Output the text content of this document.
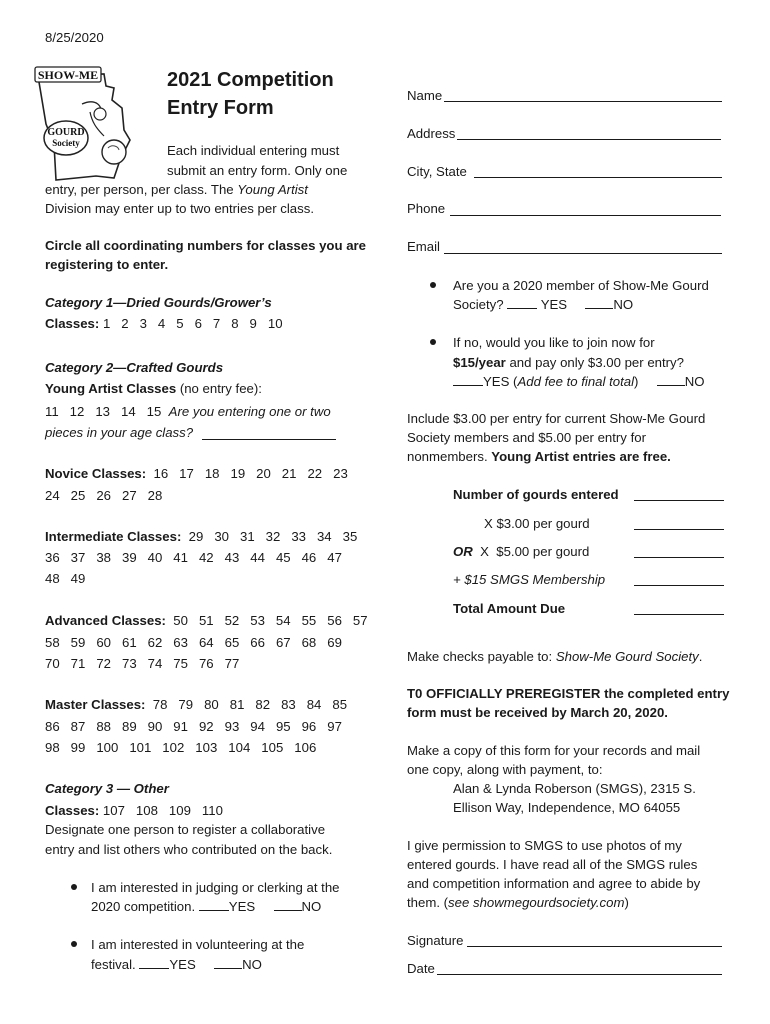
8/25/2020
SHOW-ME
GOURD
Society
2021 Competition
Entry Form
Each individual entering must
submit an entry form. Only one
entry, per person, per class. The Young Artist
Division may enter up to two entries per class.
Circle all coordinating numbers for classes you are
registering to enter.
Category 1—Dried Gourds/Grower’s
Classes: 1   2   3   4   5   6   7   8   9   10
Category 2—Crafted Gourds
Young Artist Classes (no entry fee):
11   12   13   14   15  Are you entering one or two
pieces in your age class?
Novice Classes: 16   17   18   19   20   21   22   23
24   25   26   27   28
Intermediate Classes: 29   30   31   32   33   34   35
36   37   38   39   40   41   42   43   44   45   46   47
48   49
Advanced Classes: 50   51   52   53   54   55   56   57
58   59   60   61   62   63   64   65   66   67   68   69
70   71   72   73   74   75   76   77
Master Classes: 78   79   80   81   82   83   84   85
86   87   88   89   90   91   92   93   94   95   96   97
98   99   100   101   102   103   104   105   106
Category 3 — Other
Classes: 107   108   109   110
Designate one person to register a collaborative
entry and list others who contributed on the back.
I am interested in judging or clerking at the
2020 competition. YES	NO
I am interested in volunteering at the
festival. YES	NO
Name
Address
City, State
Phone
Email
Are you a 2020 member of Show-Me Gourd
Society?	YES	NO
If no, would you like to join now for
$15/year and pay only $3.00 per entry?
YES (Add fee to final total)	NO
Include $3.00 per entry for current Show-Me Gourd
Society members and $5.00 per entry for
nonmembers. Young Artist entries are free.
Number of gourds entered
X $3.00 per gourd
OR  X  $5.00 per gourd
+ $15 SMGS Membership
Total Amount Due
Make checks payable to: Show-Me Gourd Society.
T0 OFFICIALLY PREREGISTER the completed entry
form must be received by March 20, 2020.
Make a copy of this form for your records and mail
one copy, along with payment, to:
Alan & Lynda Roberson (SMGS), 2315 S.
Ellison Way, Independence, MO 64055
I give permission to SMGS to use photos of my
entered gourds. I have read all of the SMGS rules
and competition information and agree to abide by
them. (see showmegourdsociety.com)
Signature
Date
